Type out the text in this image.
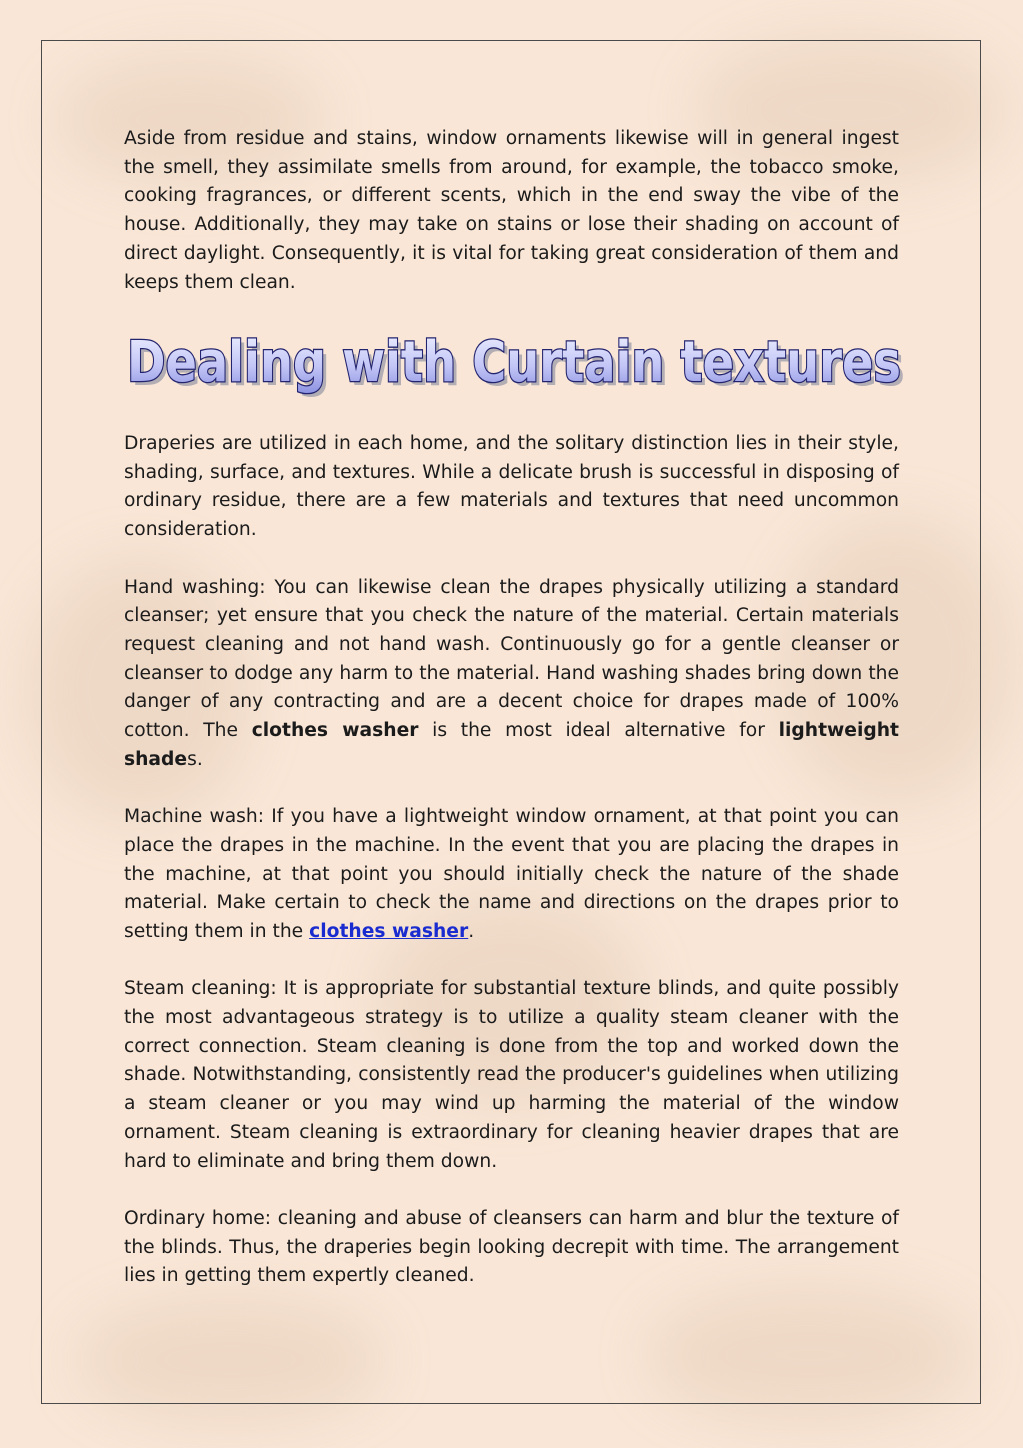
Aside from residue and stains, window ornaments likewise will in general ingest the smell, they assimilate smells from around, for example, the tobacco smoke, cooking fragrances, or different scents, which in the end sway the vibe of the house. Additionally, they may take on stains or lose their shading on account of direct daylight. Consequently, it is vital for taking great consideration of them and keeps them clean.

Dealing with Curtain textures
Dealing with Curtain textures

Draperies are utilized in each home, and the solitary distinction lies in their style, shading, surface, and textures. While a delicate brush is successful in disposing of ordinary residue, there are a few materials and textures that need uncommon consideration.

Hand washing: You can likewise clean the drapes physically utilizing a standard cleanser; yet ensure that you check the nature of the material. Certain materials request cleaning and not hand wash. Continuously go for a gentle cleanser or cleanser to dodge any harm to the material. Hand washing shades bring down the danger of any contracting and are a decent choice for drapes made of 100% cotton. The clothes washer is the most ideal alternative for lightweight shades.

Machine wash: If you have a lightweight window ornament, at that point you can place the drapes in the machine. In the event that you are placing the drapes in the machine, at that point you should initially check the nature of the shade material. Make certain to check the name and directions on the drapes prior to setting them in the clothes washer.

Steam cleaning: It is appropriate for substantial texture blinds, and quite possibly the most advantageous strategy is to utilize a quality steam cleaner with the correct connection. Steam cleaning is done from the top and worked down the shade. Notwithstanding, consistently read the producer's guidelines when utilizing a steam cleaner or you may wind up harming the material of the window ornament. Steam cleaning is extraordinary for cleaning heavier drapes that are hard to eliminate and bring them down.

Ordinary home: cleaning and abuse of cleansers can harm and blur the texture of the blinds. Thus, the draperies begin looking decrepit with time. The arrangement lies in getting them expertly cleaned.
